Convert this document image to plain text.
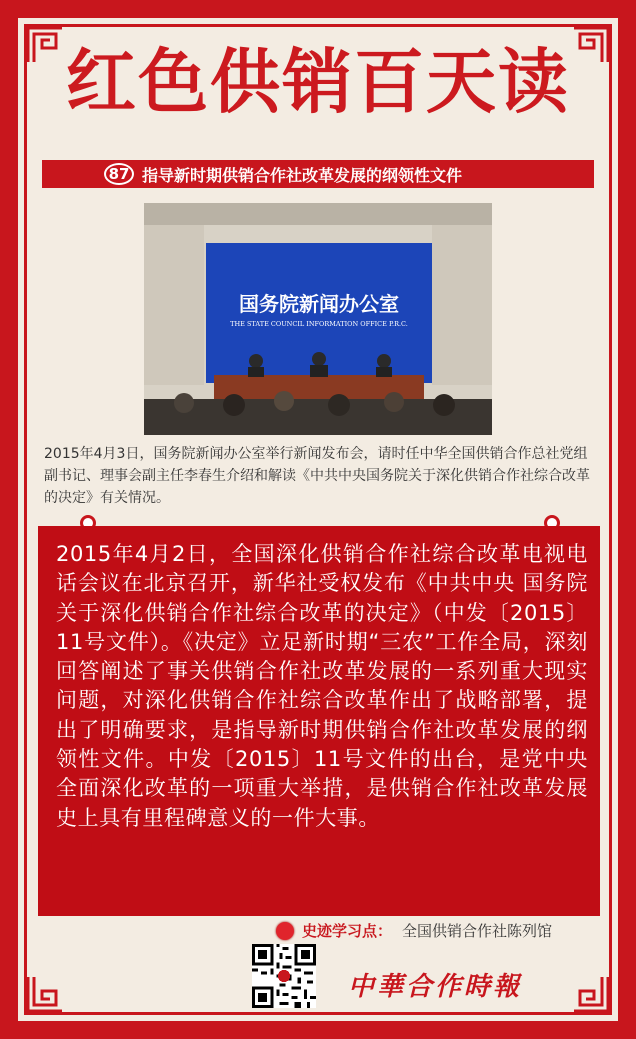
红色供销百天读
87 指导新时期供销合作社改革发展的纲领性文件
国务院新闻办公室
THE STATE COUNCIL INFORMATION OFFICE P.R.C.
2015年4月3日，国务院新闻办公室举行新闻发布会，请时任中华全国供销合作总社党组副书记、理事会副主任李春生介绍和解读《中共中央国务院关于深化供销合作社综合改革的决定》有关情况。
2015年4月2日，全国深化供销合作社综合改革电视电话会议在北京召开，新华社受权发布《中共中央 国务院关于深化供销合作社综合改革的决定》（中发〔2015〕11号文件）。《决定》立足新时期“三农”工作全局，深刻回答阐述了事关供销合作社改革发展的一系列重大现实问题，对深化供销合作社综合改革作出了战略部署，提出了明确要求，是指导新时期供销合作社改革发展的纲领性文件。中发〔2015〕11号文件的出台，是党中央全面深化改革的一项重大举措，是供销合作社改革发展史上具有里程碑意义的一件大事。
史迹学习点： 全国供销合作社陈列馆
中華合作時報
